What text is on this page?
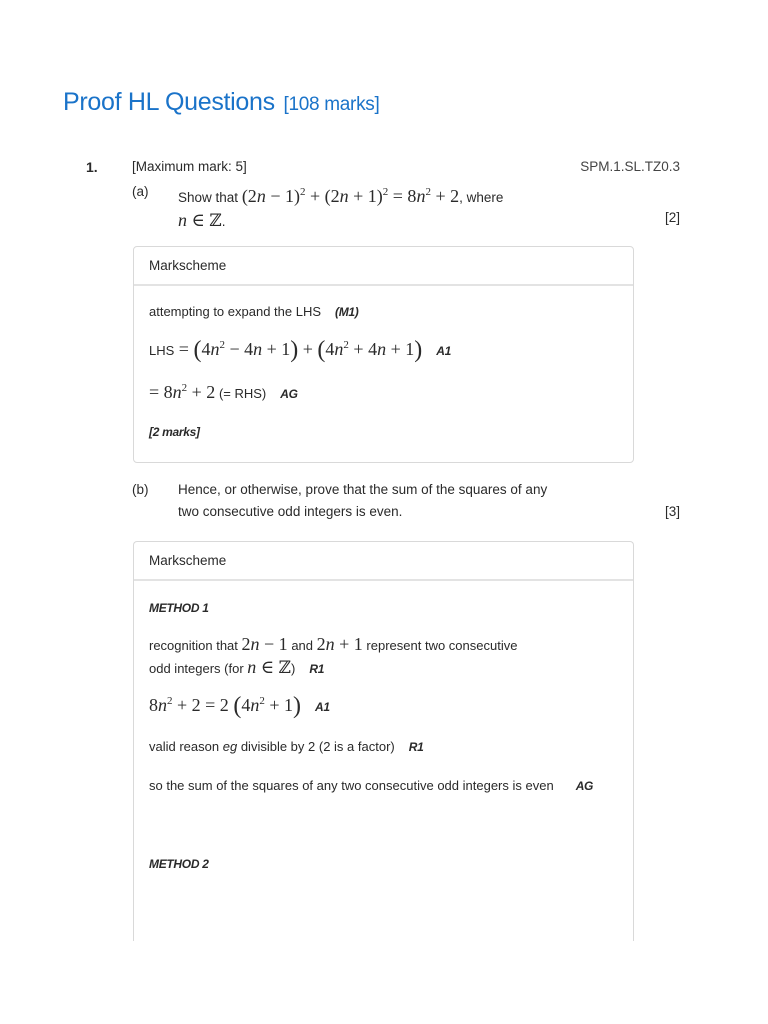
Proof HL Questions [108 marks]
1.	[Maximum mark: 5]	SPM.1.SL.TZ0.3
(a) Show that $(2n - 1)^2 + (2n + 1)^2 = 8n^2 + 2$, where
n ∈ ℤ.	[2]
Markscheme
attempting to expand the LHS (M1)
LHS = $(4n^2 - 4n + 1) + (4n^2 + 4n + 1)$ A1
= $8n^2 + 2$ (= RHS) AG
[2 marks]
(b) Hence, or otherwise, prove that the sum of the squares of any
two consecutive odd integers is even.	[3]
Markscheme
METHOD 1
recognition that 2n − 1 and 2n + 1 represent two consecutive
odd integers (for n ∈ ℤ) R1
$8n^2 + 2 = 2$ $(4n^2 + 1)$ A1
valid reason eg divisible by 2 (2 is a factor) R1
so the sum of the squares of any two consecutive odd integers is even AG
METHOD 2
